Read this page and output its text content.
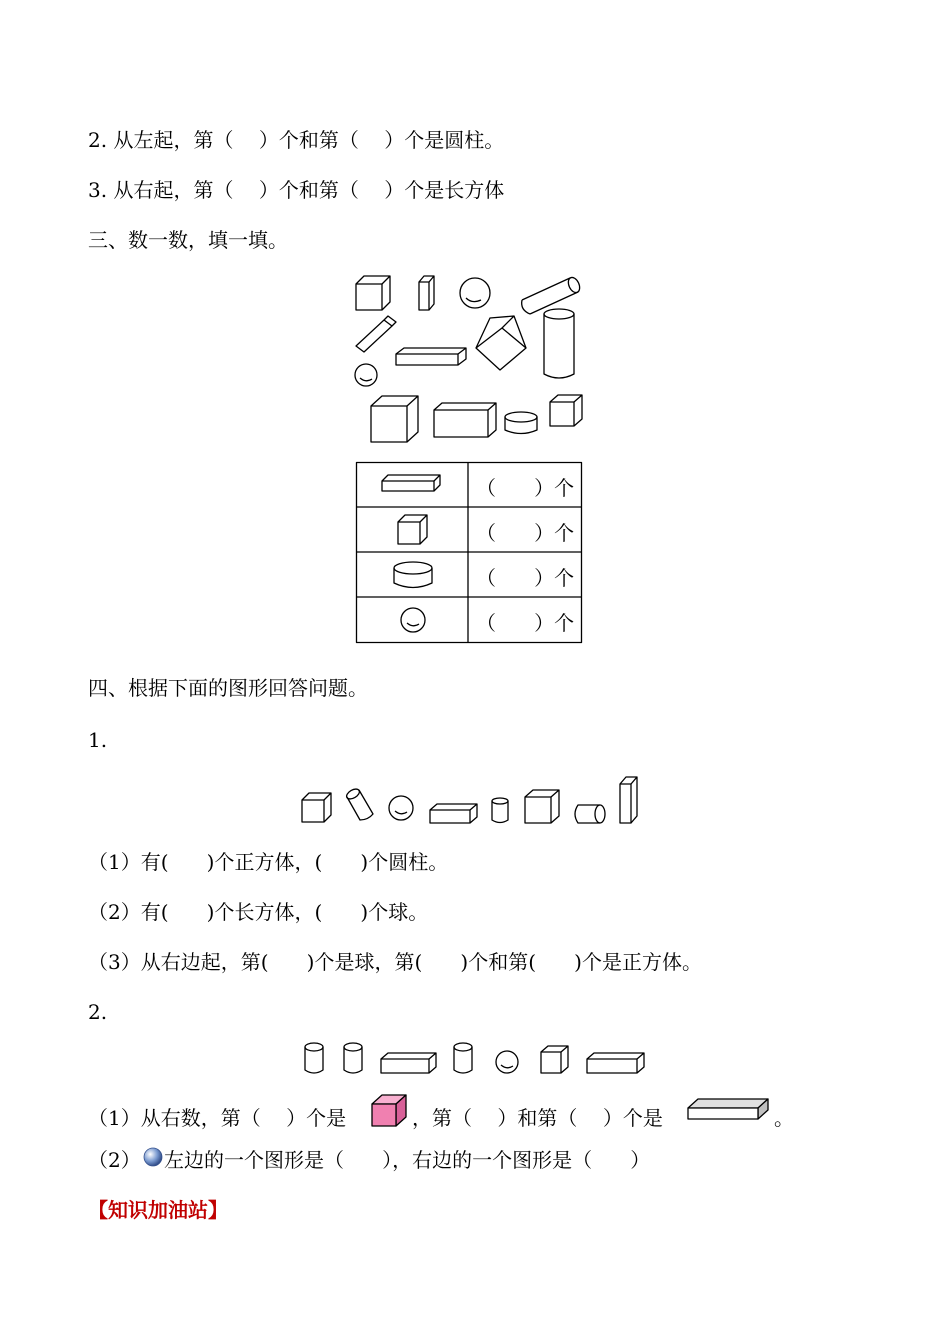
2. 从左起，第（    ）个和第（    ）个是圆柱。
3. 从右起，第（    ）个和第（    ）个是长方体
三、数一数，填一填。
（      ）个
（      ）个
（      ）个
（      ）个
四、根据下面的图形回答问题。
1.
（1）有(      )个正方体，(      )个圆柱。
（2）有(      )个长方体，(      )个球。
（3）从右边起，第(      )个是球，第(      )个和第(      )个是正方体。
2.
（1）从右数，第（    ）个是	，第（    ）和第（    ）个是	。
（2） 左边的一个图形是（      ），右边的一个图形是（      ）
【知识加油站】
